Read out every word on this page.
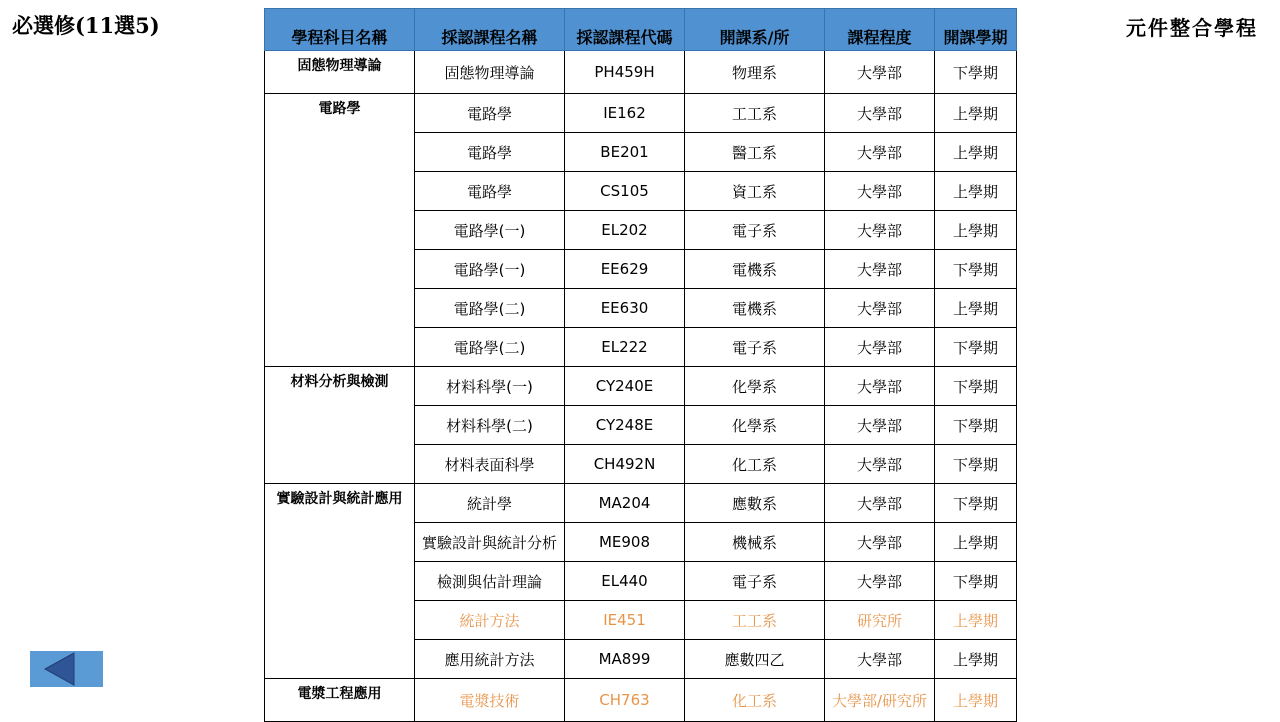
必選修(11選5)	元件整合學程
學程科目名稱	採認課程名稱	採認課程代碼	開課系/所	課程程度	開課學期
固態物理導論	固態物理導論	PH459H	物理系	大學部	下學期
電路學	電路學	IE162	工工系	大學部	上學期
	電路學	BE201	醫工系	大學部	上學期
	電路學	CS105	資工系	大學部	上學期
	電路學(一)	EL202	電子系	大學部	上學期
	電路學(一)	EE629	電機系	大學部	下學期
	電路學(二)	EE630	電機系	大學部	上學期
	電路學(二)	EL222	電子系	大學部	下學期
材料分析與檢測	材料科學(一)	CY240E	化學系	大學部	下學期
	材料科學(二)	CY248E	化學系	大學部	下學期
	材料表面科學	CH492N	化工系	大學部	下學期
實驗設計與統計應用	統計學	MA204	應數系	大學部	下學期
	實驗設計與統計分析	ME908	機械系	大學部	上學期
	檢測與估計理論	EL440	電子系	大學部	下學期
	統計方法	IE451	工工系	研究所	上學期
	應用統計方法	MA899	應數四乙	大學部	上學期
電漿工程應用	電漿技術	CH763	化工系	大學部/研究所	上學期
